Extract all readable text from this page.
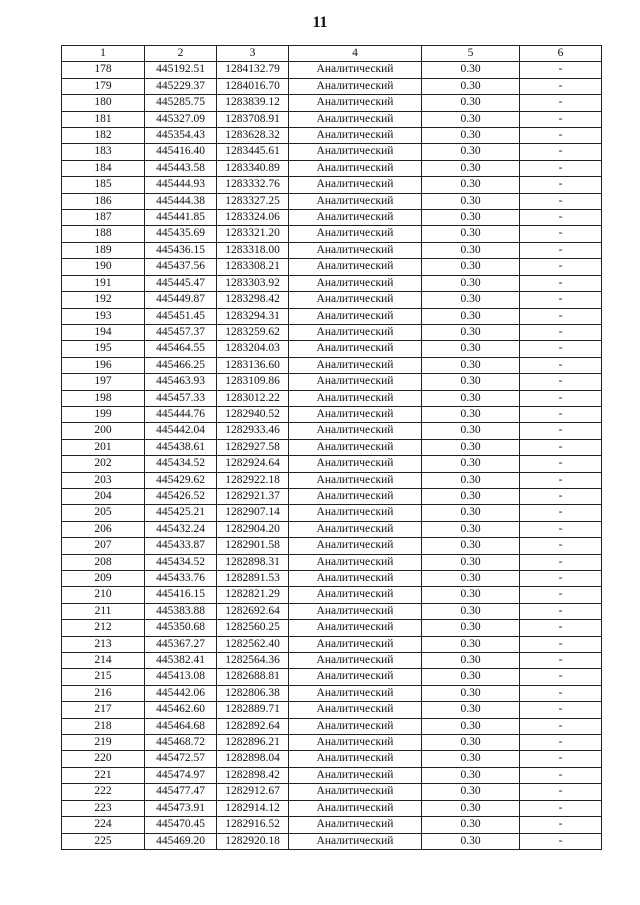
11
1	2	3	4	5	6
178	445192.51	1284132.79	Аналитический	0.30	-
179	445229.37	1284016.70	Аналитический	0.30	-
180	445285.75	1283839.12	Аналитический	0.30	-
181	445327.09	1283708.91	Аналитический	0.30	-
182	445354.43	1283628.32	Аналитический	0.30	-
183	445416.40	1283445.61	Аналитический	0.30	-
184	445443.58	1283340.89	Аналитический	0.30	-
185	445444.93	1283332.76	Аналитический	0.30	-
186	445444.38	1283327.25	Аналитический	0.30	-
187	445441.85	1283324.06	Аналитический	0.30	-
188	445435.69	1283321.20	Аналитический	0.30	-
189	445436.15	1283318.00	Аналитический	0.30	-
190	445437.56	1283308.21	Аналитический	0.30	-
191	445445.47	1283303.92	Аналитический	0.30	-
192	445449.87	1283298.42	Аналитический	0.30	-
193	445451.45	1283294.31	Аналитический	0.30	-
194	445457.37	1283259.62	Аналитический	0.30	-
195	445464.55	1283204.03	Аналитический	0.30	-
196	445466.25	1283136.60	Аналитический	0.30	-
197	445463.93	1283109.86	Аналитический	0.30	-
198	445457.33	1283012.22	Аналитический	0.30	-
199	445444.76	1282940.52	Аналитический	0.30	-
200	445442.04	1282933.46	Аналитический	0.30	-
201	445438.61	1282927.58	Аналитический	0.30	-
202	445434.52	1282924.64	Аналитический	0.30	-
203	445429.62	1282922.18	Аналитический	0.30	-
204	445426.52	1282921.37	Аналитический	0.30	-
205	445425.21	1282907.14	Аналитический	0.30	-
206	445432.24	1282904.20	Аналитический	0.30	-
207	445433.87	1282901.58	Аналитический	0.30	-
208	445434.52	1282898.31	Аналитический	0.30	-
209	445433.76	1282891.53	Аналитический	0.30	-
210	445416.15	1282821.29	Аналитический	0.30	-
211	445383.88	1282692.64	Аналитический	0.30	-
212	445350.68	1282560.25	Аналитический	0.30	-
213	445367.27	1282562.40	Аналитический	0.30	-
214	445382.41	1282564.36	Аналитический	0.30	-
215	445413.08	1282688.81	Аналитический	0.30	-
216	445442.06	1282806.38	Аналитический	0.30	-
217	445462.60	1282889.71	Аналитический	0.30	-
218	445464.68	1282892.64	Аналитический	0.30	-
219	445468.72	1282896.21	Аналитический	0.30	-
220	445472.57	1282898.04	Аналитический	0.30	-
221	445474.97	1282898.42	Аналитический	0.30	-
222	445477.47	1282912.67	Аналитический	0.30	-
223	445473.91	1282914.12	Аналитический	0.30	-
224	445470.45	1282916.52	Аналитический	0.30	-
225	445469.20	1282920.18	Аналитический	0.30	-
